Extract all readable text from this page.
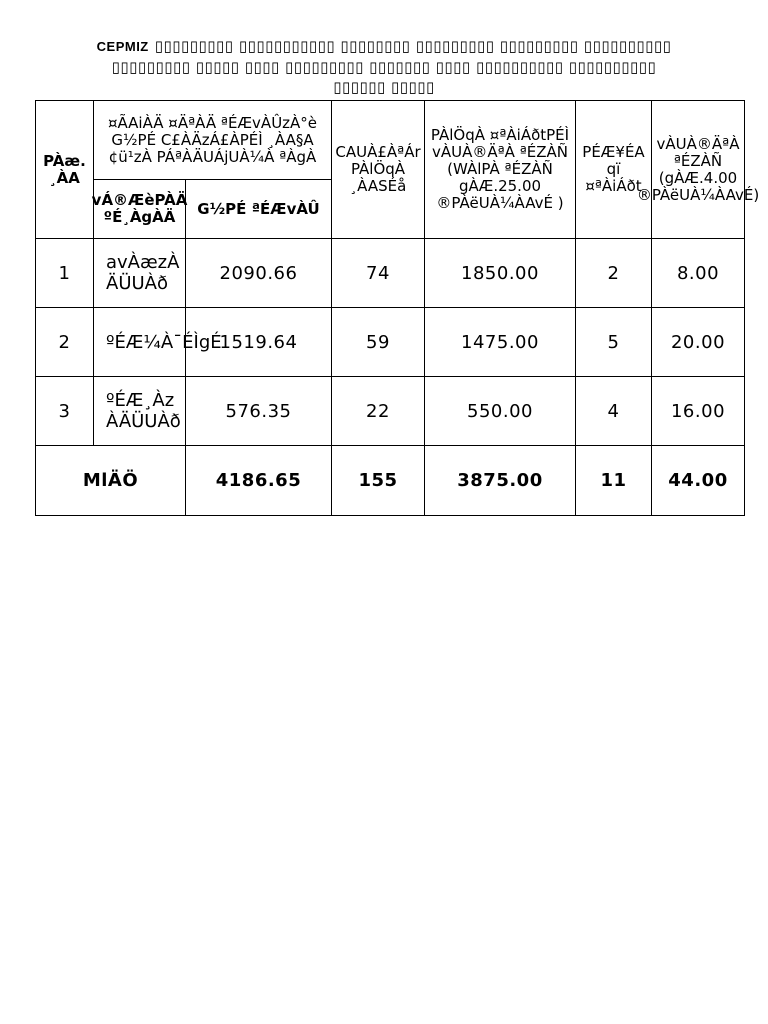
CEPMIZ ▯▯▯▯▯▯▯▯▯ ▯▯▯▯▯▯▯▯▯▯▯ ▯▯▯▯▯▯▯▯ ▯▯▯▯▯▯▯▯▯ ▯▯▯▯▯▯▯▯▯ ▯▯▯▯▯▯▯▯▯▯
▯▯▯▯▯▯▯▯▯ ▯▯▯▯▯ ▯▯▯▯ ▯▯▯▯▯▯▯▯▯ ▯▯▯▯▯▯▯ ▯▯▯▯ ▯▯▯▯▯▯▯▯▯▯ ▯▯▯▯▯▯▯▯▯▯
▯▯▯▯▯▯ ▯▯▯▯▯
PÀæ. ¸ÀA	¤ÃAiÀÄ ¤ÄªÀÄ ªÉÆvÀÛzÀ°è G½PÉ C£ÀÄzÁ£ÀPÉÌ ¸ÀA§A ¢ü¹zÀ PÁªÀÄUÁjUÀ¼À ªÀgÀ		CAUÀ£ÀªÁr PÀlÖqÀ ¸ÀASÉå	PÀlÖqÀ ¤ªÀiÁðtPÉÌ vÀUÀ®ÄªÀ ªÉZÀÑ (WÀlPÀ ªÉZÀÑ gÀÆ.25.00 ®PÀëUÀ¼ÀAvÉ )	PÉÆ¥ÉA qï ¤ªÀiÁðt	vÀUÀ®ÄªÀ ªÉZÀÑ (gÀÆ.4.00 ®PÀëUÀ¼ÀAvÉ)

	vÁ®ÆèPÀÄ ºÉ¸ÀgÀÄ	G½PÉ ªÉÆvÀÛ				

1	avÀæzÀ ÄÜUÀð	2090.66	74	1850.00	2	8.00
2	ºÉÆ¼À¯ÉÌgÉ	1519.64	59	1475.00	5	20.00
3	ºÉÆ¸Àz ÀÄÜUÀð	576.35	22	550.00	4	16.00
MlÄÖ		4186.65	155	3875.00	11	44.00
